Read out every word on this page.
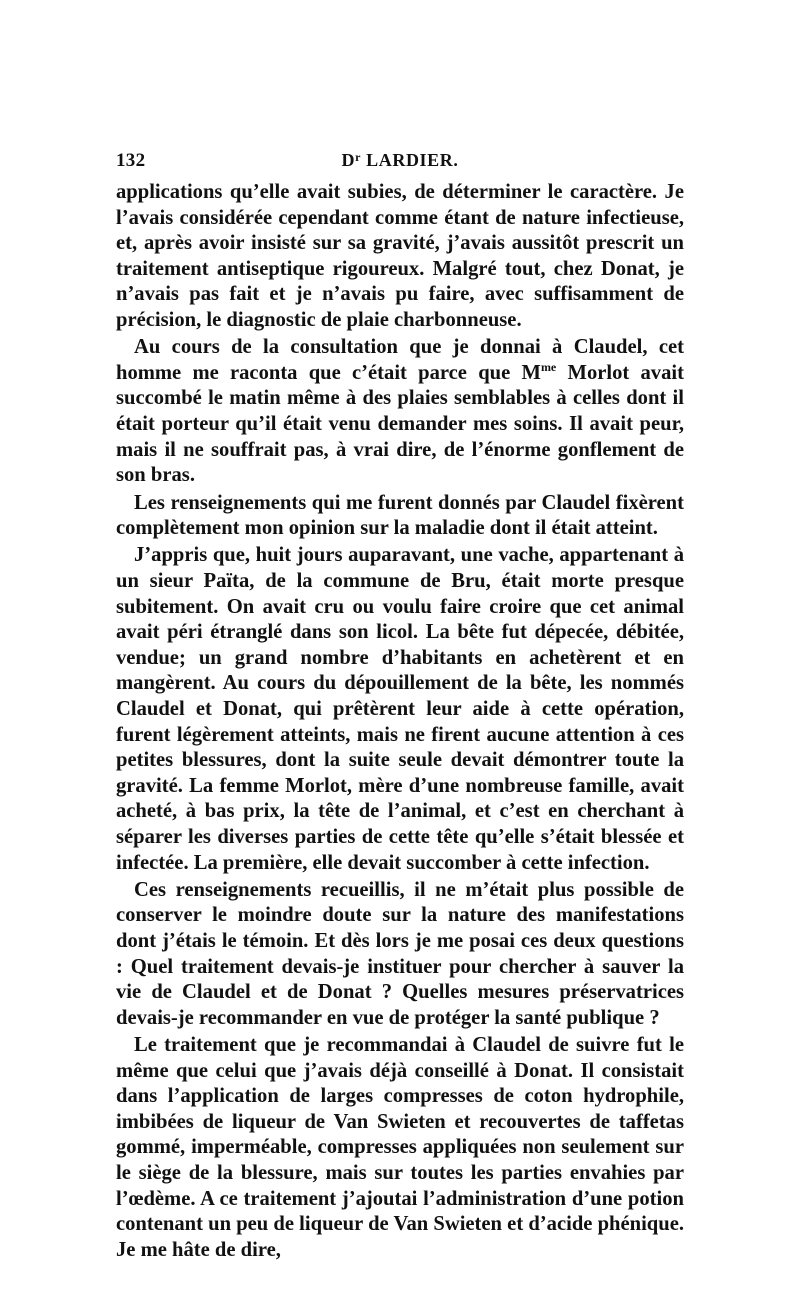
132	$D^r$ LARDIER.

applications qu’elle avait subies, de déterminer le caractère. Je l’avais considérée cependant comme étant de nature infectieuse, et, après avoir insisté sur sa gravité, j’avais aussitôt prescrit un traitement antiseptique rigoureux. Malgré tout, chez Donat, je n’avais pas fait et je n’avais pu faire, avec suffisamment de précision, le diagnostic de plaie charbonneuse.

Au cours de la consultation que je donnai à Claudel, cet homme me raconta que c’était parce que $M^{me}$ Morlot avait succombé le matin même à des plaies semblables à celles dont il était porteur qu’il était venu demander mes soins. Il avait peur, mais il ne souffrait pas, à vrai dire, de l’énorme gonflement de son bras.

Les renseignements qui me furent donnés par Claudel fixèrent complètement mon opinion sur la maladie dont il était atteint.

J’appris que, huit jours auparavant, une vache, appartenant à un sieur Païta, de la commune de Bru, était morte presque subitement. On avait cru ou voulu faire croire que cet animal avait péri étranglé dans son licol. La bête fut dépecée, débitée, vendue; un grand nombre d’habitants en achetèrent et en mangèrent. Au cours du dépouillement de la bête, les nommés Claudel et Donat, qui prêtèrent leur aide à cette opération, furent légèrement atteints, mais ne firent aucune attention à ces petites blessures, dont la suite seule devait démontrer toute la gravité. La femme Morlot, mère d’une nombreuse famille, avait acheté, à bas prix, la tête de l’animal, et c’est en cherchant à séparer les diverses parties de cette tête qu’elle s’était blessée et infectée. La première, elle devait succomber à cette infection.

Ces renseignements recueillis, il ne m’était plus possible de conserver le moindre doute sur la nature des manifestations dont j’étais le témoin. Et dès lors je me posai ces deux questions : Quel traitement devais-je instituer pour chercher à sauver la vie de Claudel et de Donat ? Quelles mesures préservatrices devais-je recommander en vue de protéger la santé publique ?

Le traitement que je recommandai à Claudel de suivre fut le même que celui que j’avais déjà conseillé à Donat. Il consistait dans l’application de larges compresses de coton hydrophile, imbibées de liqueur de Van Swieten et recouvertes de taffetas gommé, imperméable, compresses appliquées non seulement sur le siège de la blessure, mais sur toutes les parties envahies par l’œdème. A ce traitement j’ajoutai l’administration d’une potion contenant un peu de liqueur de Van Swieten et d’acide phénique. Je me hâte de dire,
